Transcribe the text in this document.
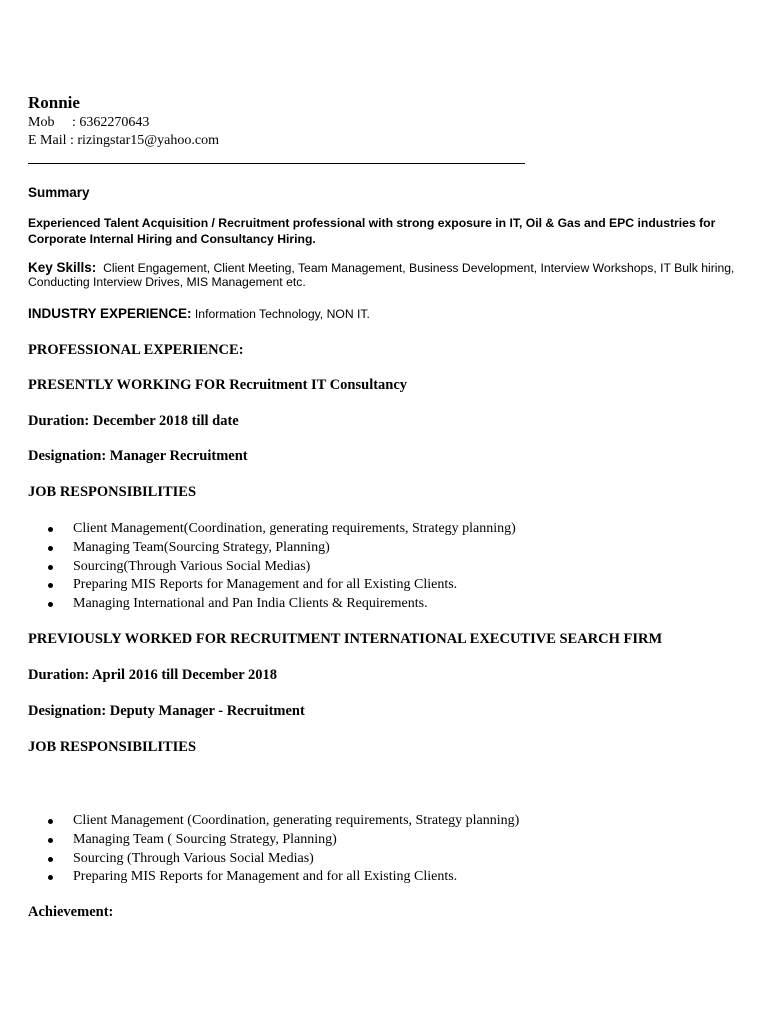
Ronnie
Mob	: 6362270643
E Mail
: rizingstar15@yahoo.com
Summary
Experienced Talent Acquisition / Recruitment professional with strong exposure in IT, Oil & Gas and EPC industries for Corporate Internal Hiring and Consultancy Hiring.
Key Skills: Client Engagement, Client Meeting, Team Management, Business Development, Interview Workshops, IT Bulk hiring, Conducting Interview Drives, MIS Management etc.
INDUSTRY EXPERIENCE: Information Technology, NON IT.
PROFESSIONAL EXPERIENCE:
PRESENTLY WORKING FOR Recruitment IT Consultancy
Duration: December 2018 till date
Designation: Manager Recruitment
JOB RESPONSIBILITIES
Client Management(Coordination, generating requirements, Strategy planning)
Managing Team(Sourcing Strategy, Planning)
Sourcing(Through Various Social Medias)
Preparing MIS Reports for Management and for all Existing Clients.
Managing International and Pan India Clients & Requirements.
PREVIOUSLY WORKED FOR RECRUITMENT INTERNATIONAL EXECUTIVE SEARCH FIRM
Duration: April 2016 till December 2018
Designation: Deputy Manager - Recruitment
JOB RESPONSIBILITIES
Client Management (Coordination, generating requirements, Strategy planning)
Managing Team ( Sourcing Strategy, Planning)
Sourcing (Through Various Social Medias)
Preparing MIS Reports for Management and for all Existing Clients.
Achievement:
